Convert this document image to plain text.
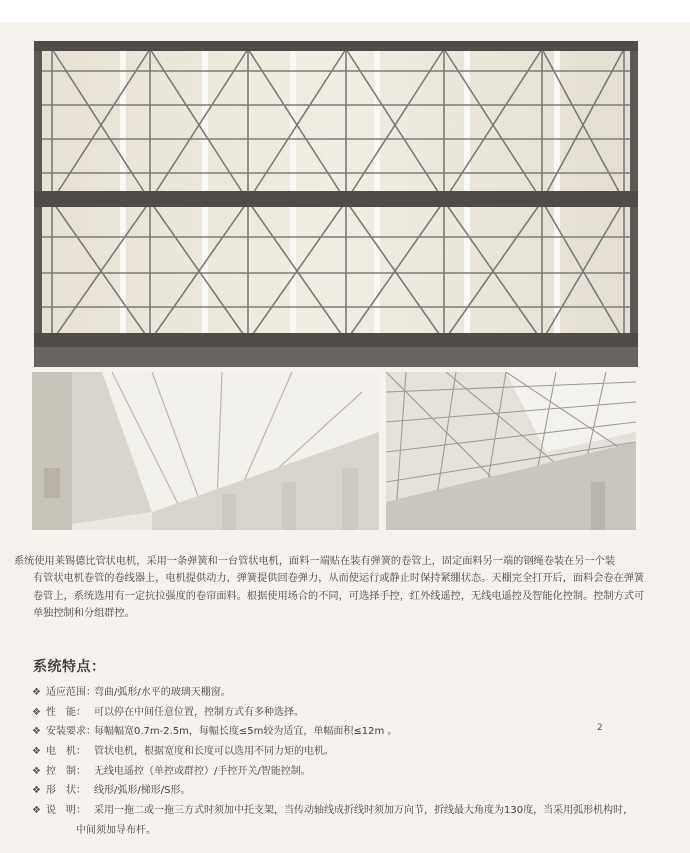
系统使用莱锡德比管状电机，采用一条弹簧和一台管状电机，面料一端贴在装有弹簧的卷管上，固定面料另一端的钢绳卷装在另一个装
有管状电机卷管的卷线器上，电机提供动力，弹簧提供回卷弹力，从而使运行或静止时保持紧绷状态。天棚完全打开后，面料会卷在弹簧
卷管上，系统选用有一定抗拉强度的卷帘面料。根据使用场合的不同，可选择手控，红外线遥控，无线电遥控及智能化控制。控制方式可
单独控制和分组群控。
系统特点：
2
❖ 适应范围：
弯曲/弧形/水平的玻璃天棚窗。
❖ 性　能： 可以停在中间任意位置，控制方式有多种选择。
❖ 安装要求：
每幅幅宽0.7m-2.5m，每幅长度≤5m较为适宜，单幅面积≤12m 。
❖ 电　机： 管状电机，根据宽度和长度可以选用不同力矩的电机。
❖ 控　制： 无线电遥控（单控或群控）/手控开关/智能控制。
❖ 形　状： 线形/弧形/梯形/S形。
❖ 说　明： 采用一拖二或一拖三方式时须加中托支架，当传动轴线成折线时须加万向节，折线最大角度为130度，当采用弧形机构时，
中间须加导布杆。
